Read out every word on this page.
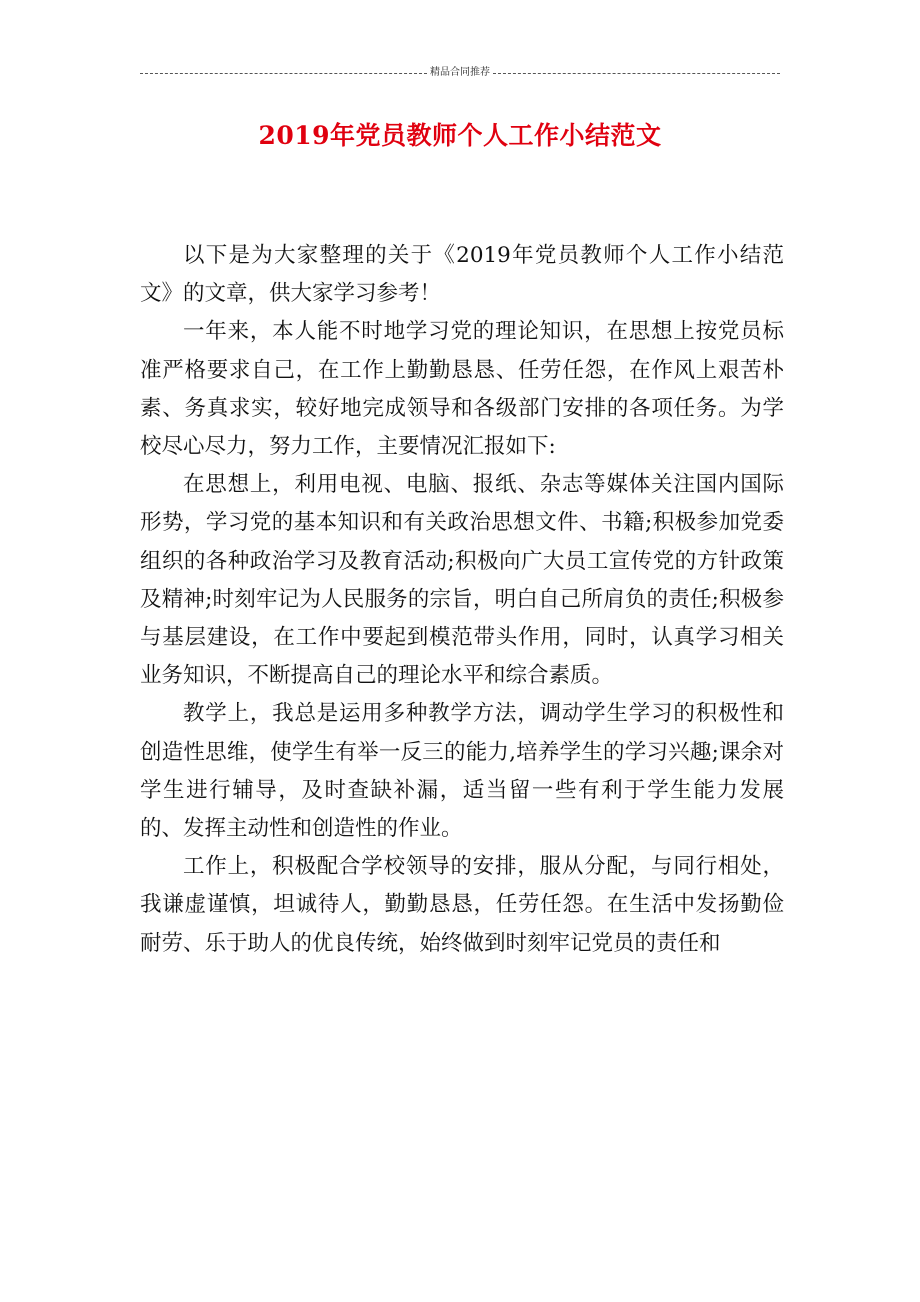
精品合同推荐
2019年党员教师个人工作小结范文

以下是为大家整理的关于《2019年党员教师个人工作小结范文》的文章，供大家学习参考！

一年来，本人能不时地学习党的理论知识，在思想上按党员标准严格要求自己，在工作上勤勤恳恳、任劳任怨，在作风上艰苦朴素、务真求实，较好地完成领导和各级部门安排的各项任务。为学校尽心尽力，努力工作，主要情况汇报如下:

在思想上，利用电视、电脑、报纸、杂志等媒体关注国内国际形势，学习党的基本知识和有关政治思想文件、书籍;积极参加党委组织的各种政治学习及教育活动;积极向广大员工宣传党的方针政策及精神;时刻牢记为人民服务的宗旨，明白自己所肩负的责任;积极参与基层建设，在工作中要起到模范带头作用，同时，认真学习相关业务知识，不断提高自己的理论水平和综合素质。

教学上，我总是运用多种教学方法，调动学生学习的积极性和创造性思维，使学生有举一反三的能力,培养学生的学习兴趣;课余对学生进行辅导，及时查缺补漏，适当留一些有利于学生能力发展的、发挥主动性和创造性的作业。

工作上，积极配合学校领导的安排，服从分配，与同行相处，我谦虚谨慎，坦诚待人，勤勤恳恳，任劳任怨。在生活中发扬勤俭耐劳、乐于助人的优良传统，始终做到时刻牢记党员的责任和
